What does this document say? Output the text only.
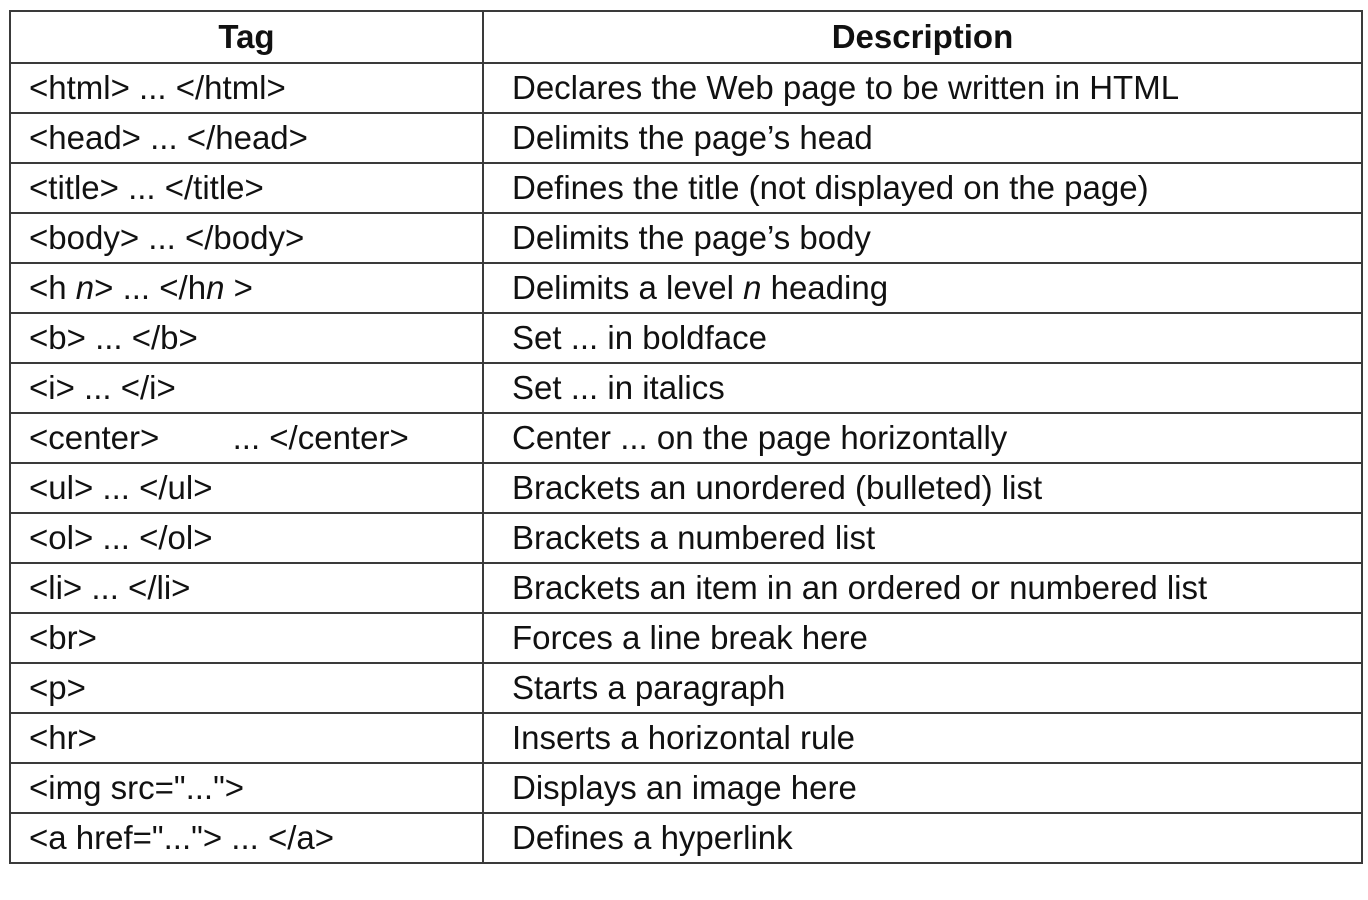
Tag	Description
<html> ... </html>	Declares the Web page to be written in HTML
<head> ... </head>	Delimits the page’s head
<title> ... </title>	Defines the title (not displayed on the page)
<body> ... </body>	Delimits the page’s body
<h n> ... </hn >	Delimits a level n heading
<b> ... </b>	Set ... in boldface
<i> ... </i>	Set ... in italics
<center>        ... </center>	Center ... on the page horizontally
<ul> ... </ul>	Brackets an unordered (bulleted) list
<ol> ... </ol>	Brackets a numbered list
<li> ... </li>	Brackets an item in an ordered or numbered list
<br>	Forces a line break here
<p>	Starts a paragraph
<hr>	Inserts a horizontal rule
<img src="...">	Displays an image here
<a href="..."> ... </a>	Defines a hyperlink
